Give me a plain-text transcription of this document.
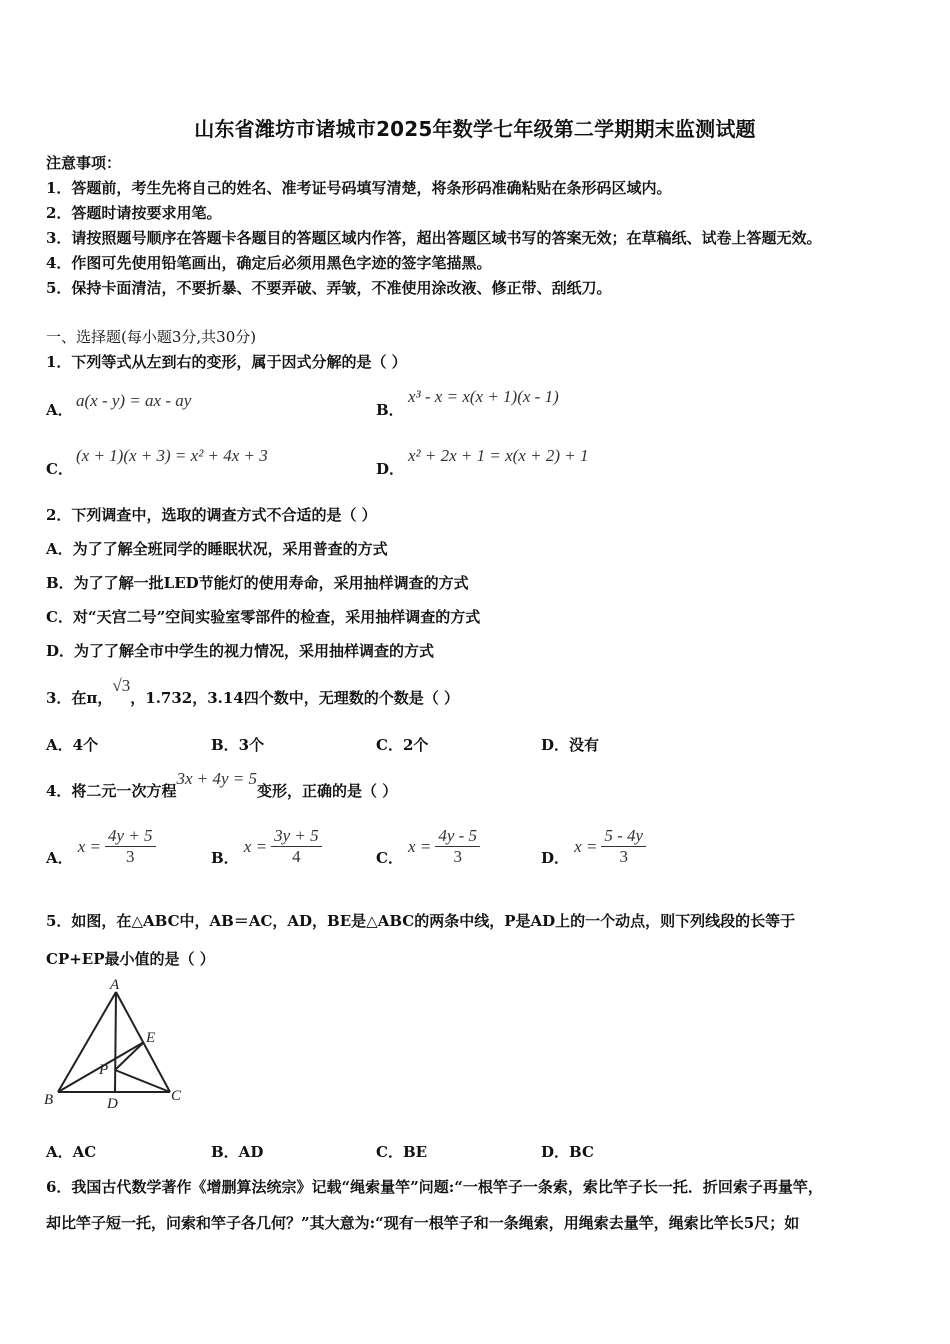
山东省潍坊市诸城市2025年数学七年级第二学期期末监测试题
注意事项：
1．答题前，考生先将自己的姓名、准考证号码填写清楚，将条形码准确粘贴在条形码区域内。
2．答题时请按要求用笔。
3．请按照题号顺序在答题卡各题目的答题区域内作答，超出答题区域书写的答案无效；在草稿纸、试卷上答题无效。
4．作图可先使用铅笔画出，确定后必须用黑色字迹的签字笔描黑。
5．保持卡面清洁，不要折暴、不要弄破、弄皱，不准使用涂改液、修正带、刮纸刀。
一、选择题(每小题3分,共30分)
1．下列等式从左到右的变形，属于因式分解的是（ ）
A． a(x - y) = ax - ay	B．
x³ - x = x(x + 1)(x - 1)
C．
(x + 1)(x + 3) = x² + 4x + 3
D．
x² + 2x + 1 = x(x + 2) + 1
2．下列调查中，选取的调查方式不合适的是（ ）
A．为了了解全班同学的睡眠状况，采用普查的方式
B．为了了解一批LED节能灯的使用寿命，采用抽样调查的方式
C．对“天宫二号”空间实验室零部件的检查，采用抽样调查的方式
D．为了了解全市中学生的视力情况，采用抽样调查的方式
3．在π，√3，1.732，3.14四个数中，无理数的个数是（ ）
A．4个	B．3个	C．2个	D．没有
4．将二元一次方程3x + 4y = 5变形，正确的是（ ）
A． $x = \frac{4y + 5}{3}$	B． $x = \frac{3y + 5}{4}$	C． $x = \frac{4y - 5}{3}$	D． $x = \frac{5 - 4y}{3}$
5．如图，在△ABC中，AB＝AC，AD，BE是△ABC的两条中线，P是AD上的一个动点，则下列线段的长等于
CP+EP最小值的是（ ）
A
B	C
D
E
P
A．AC	B．AD	C．BE	D．BC
6．我国古代数学著作《增删算法统宗》记载“绳索量竿”问题:“一根竿子一条索，索比竿子长一托．折回索子再量竿，
却比竿子短一托，问索和竿子各几何？”其大意为:“现有一根竿子和一条绳索，用绳索去量竿，绳索比竿长5尺；如
